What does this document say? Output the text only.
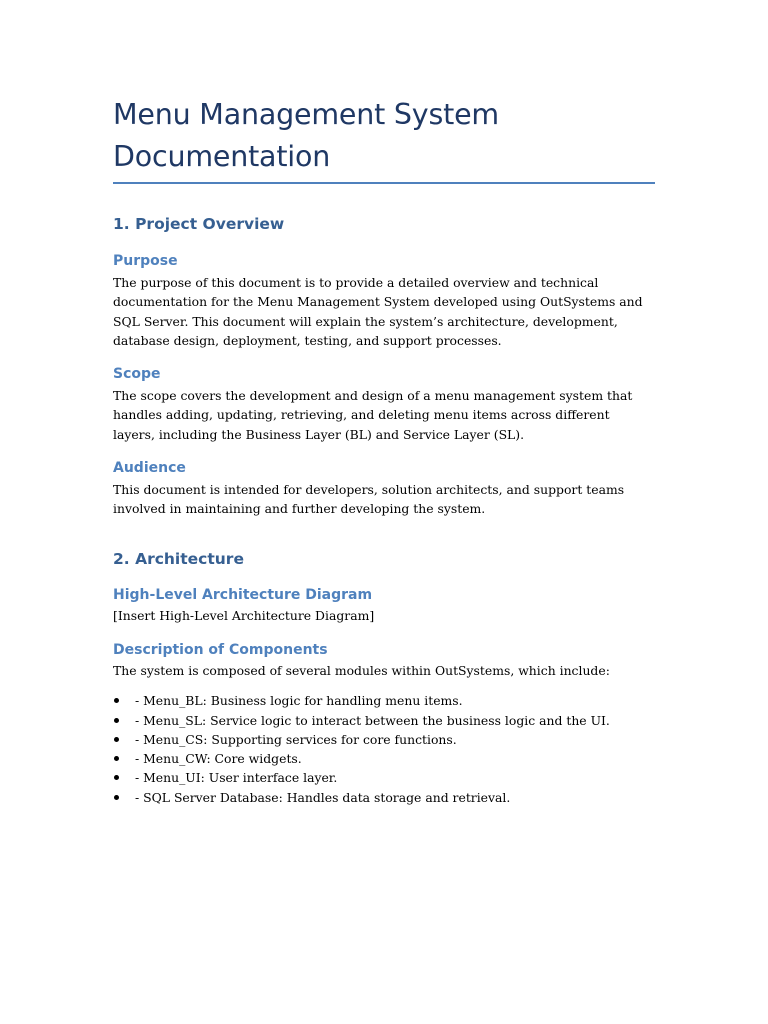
Menu Management System Documentation
1. Project Overview
Purpose

The purpose of this document is to provide a detailed overview and technical documentation for the Menu Management System developed using OutSystems and SQL Server. This document will explain the system’s architecture, development, database design, deployment, testing, and support processes.

Scope

The scope covers the development and design of a menu management system that handles adding, updating, retrieving, and deleting menu items across different layers, including the Business Layer (BL) and Service Layer (SL).

Audience

This document is intended for developers, solution architects, and support teams involved in maintaining and further developing the system.

2. Architecture
High-Level Architecture Diagram

[Insert High-Level Architecture Diagram]

Description of Components

The system is composed of several modules within OutSystems, which include:

- Menu_BL: Business logic for handling menu items.
- Menu_SL: Service logic to interact between the business logic and the UI.
- Menu_CS: Supporting services for core functions.
- Menu_CW: Core widgets.
- Menu_UI: User interface layer.
- SQL Server Database: Handles data storage and retrieval.
